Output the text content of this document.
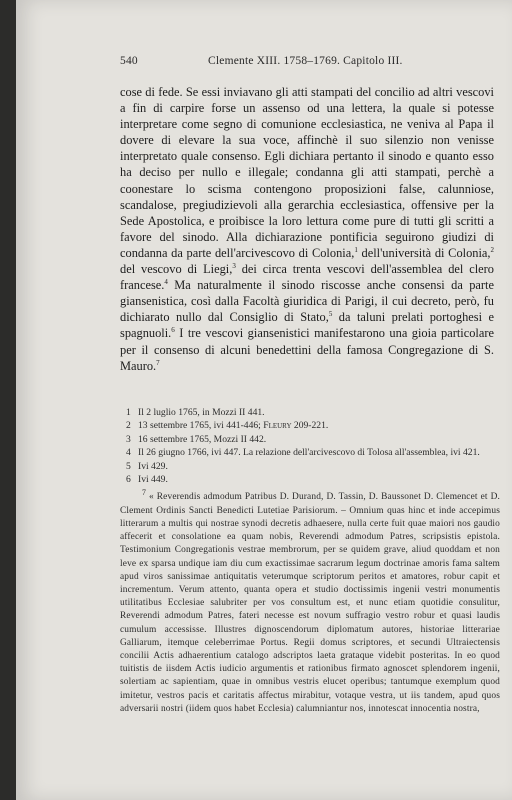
540	Clemente XIII. 1758–1769. Capitolo III.

cose di fede. Se essi inviavano gli atti stampati del concilio ad altri vescovi a fin di carpire forse un assenso od una lettera, la quale si potesse interpretare come segno di comunione ecclesiastica, ne veniva al Papa il dovere di elevare la sua voce, affinchè il suo silenzio non venisse interpretato quale consenso. Egli dichiara pertanto il sinodo e quanto esso ha deciso per nullo e illegale; condanna gli atti stampati, perchè a coonestare lo scisma contengono proposizioni false, calunniose, scandalose, pregiudizievoli alla gerarchia ecclesiastica, offensive per la Sede Apostolica, e proibisce la loro lettura come pure di tutti gli scritti a favore del sinodo. Alla dichiarazione pontificia seguirono giudizi di condanna da parte dell'arcivescovo di Colonia,$^1$ dell'università di Colonia,$^2$ del vescovo di Liegi,$^3$ dei circa trenta vescovi dell'assemblea del clero francese.$^4$ Ma naturalmente il sinodo riscosse anche consensi da parte giansenistica, così dalla Facoltà giuridica di Parigi, il cui decreto, però, fu dichiarato nullo dal Consiglio di Stato,$^5$ da taluni prelati portoghesi e spagnuoli.$^6$ I tre vescovi giansenistici manifestarono una gioia particolare per il consenso di alcuni benedettini della famosa Congregazione di S. Mauro.$^7$

1 Il 2 luglio 1765, in Mozzi II 441.

2 13 settembre 1765, ivi 441-446; Fleury 209-221.

3 16 settembre 1765, Mozzi II 442.

4 Il 26 giugno 1766, ivi 447. La relazione dell'arcivescovo di Tolosa all'assemblea, ivi 421.

5 Ivi 429.

6 Ivi 449.

$^7$ « Reverendis admodum Patribus D. Durand, D. Tassin, D. Baussonet D. Clemencet et D. Clement Ordinis Sancti Benedicti Lutetiae Parisiorum. – Omnium quas hinc et inde accepimus litterarum a multis qui nostrae synodi decretis adhaesere, nulla certe fuit quae maiori nos gaudio affecerit et consolatione ea quam nobis, Reverendi admodum Patres, scripsistis epistola. Testimonium Congregationis vestrae membrorum, per se quidem grave, aliud quoddam et non leve ex sparsa undique iam diu cum exactissimae sacrarum legum doctrinae amoris fama saltem apud viros sanissimae antiquitatis veterumque scriptorum peritos et amatores, robur capit et incrementum. Verum attento, quanta opera et studio doctissimis ingenii vestri monumentis utilitatibus Ecclesiae salubriter per vos consultum est, et nunc etiam quotidie consulitur, Reverendi admodum Patres, fateri necesse est novum suffragio vestro robur et quasi laudis cumulum accessisse. Illustres dignoscendorum diplomatum autores, historiae litterariae Galliarum, itemque celeberrimae Portus. Regii domus scriptores, et secundi Ultraiectensis concilii Actis adhaerentium catalogo adscriptos laeta grataque videbit posteritas. In eo quod tuitistis de iisdem Actis iudicio argumentis et rationibus firmato agnoscet splendorem ingenii, solertiam ac sapientiam, quae in omnibus vestris elucet operibus; tantumque exemplum quod imitetur, vestros pacis et caritatis affectus mirabitur, votaque vestra, ut iis tandem, apud quos adversarii nostri (iidem quos habet Ecclesia) calumniantur nos, innotescat innocentia nostra,
